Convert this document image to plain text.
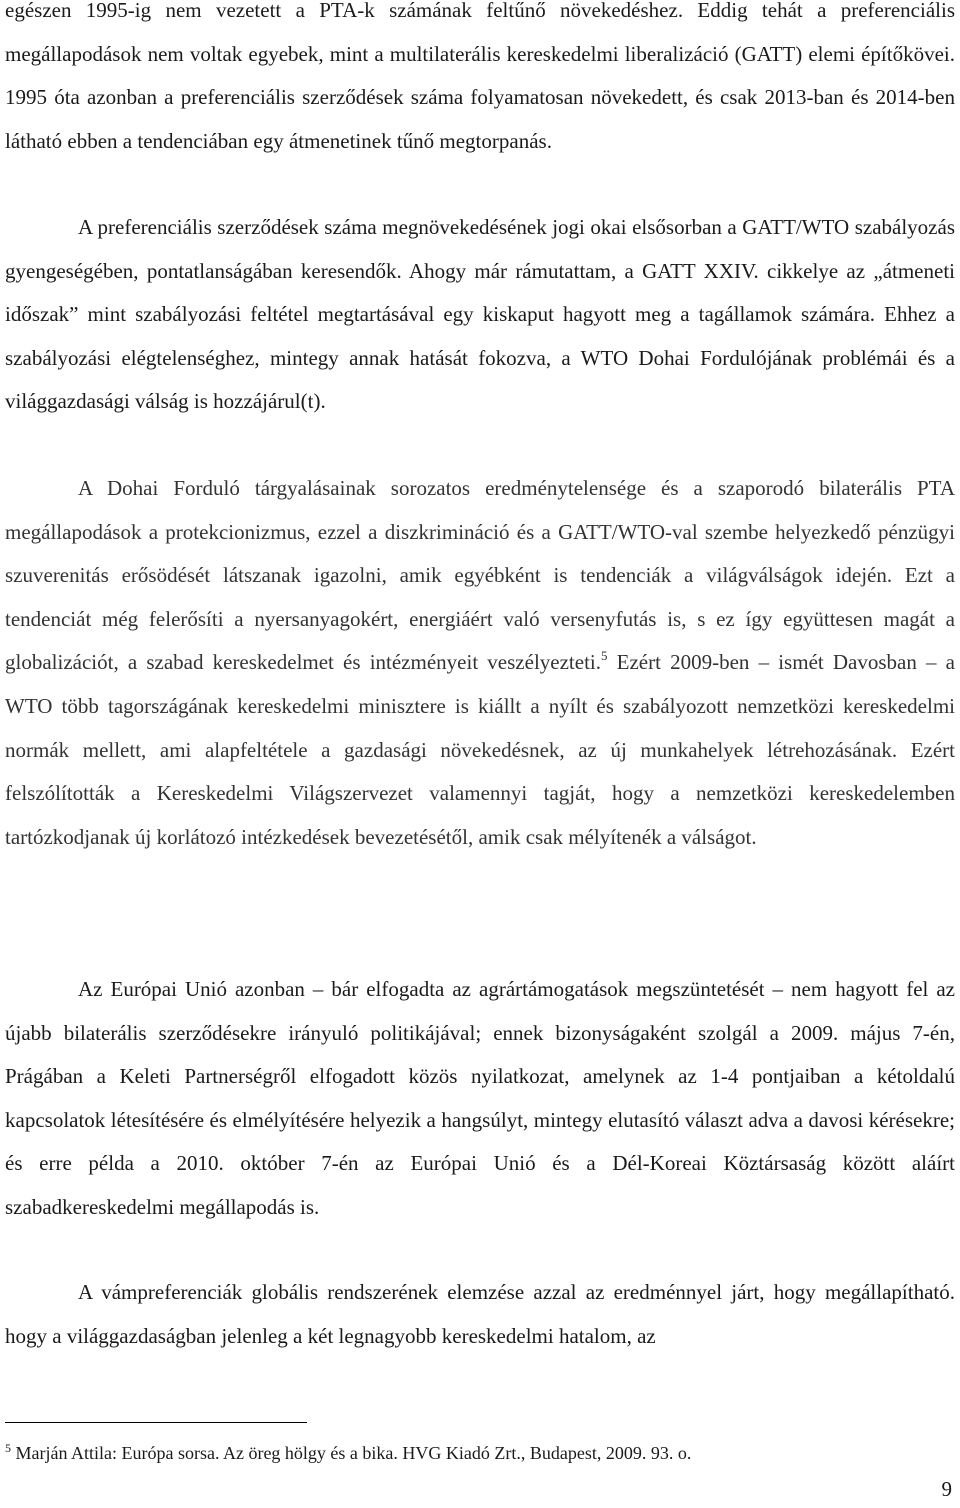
egészen 1995-ig nem vezetett a PTA-k számának feltűnő növekedéshez. Eddig tehát a preferenciális megállapodások nem voltak egyebek, mint a multilaterális kereskedelmi liberalizáció (GATT) elemi építőkövei. 1995 óta azonban a preferenciális szerződések száma folyamatosan növekedett, és csak 2013-ban és 2014-ben látható ebben a tendenciában egy átmenetinek tűnő megtorpanás.

A preferenciális szerződések száma megnövekedésének jogi okai elsősorban a GATT/WTO szabályozás gyengeségében, pontatlanságában keresendők. Ahogy már rámutattam, a GATT XXIV. cikkelye az „átmeneti időszak” mint szabályozási feltétel megtartásával egy kiskaput hagyott meg a tagállamok számára. Ehhez a szabályozási elégtelenséghez, mintegy annak hatását fokozva, a WTO Dohai Fordulójának problémái és a világgazdasági válság is hozzájárul(t).

A Dohai Forduló tárgyalásainak sorozatos eredménytelensége és a szaporodó bilaterális PTA megállapodások a protekcionizmus, ezzel a diszkrimináció és a GATT/WTO-val szembe helyezkedő pénzügyi szuverenitás erősödését látszanak igazolni, amik egyébként is tendenciák a világválságok idején. Ezt a tendenciát még felerősíti a nyersanyagokért, energiáért való versenyfutás is, s ez így együttesen magát a globalizációt, a szabad kereskedelmet és intézményeit veszélyezteti.$^5$ Ezért 2009-ben – ismét Davosban – a WTO több tagországának kereskedelmi minisztere is kiállt a nyílt és szabályozott nemzetközi kereskedelmi normák mellett, ami alapfeltétele a gazdasági növekedésnek, az új munkahelyek létrehozásának. Ezért felszólították a Kereskedelmi Világszervezet valamennyi tagját, hogy a nemzetközi kereskedelemben tartózkodjanak új korlátozó intézkedések bevezetésétől, amik csak mélyítenék a válságot.

Az Európai Unió azonban – bár elfogadta az agrártámogatások megszüntetését – nem hagyott fel az újabb bilaterális szerződésekre irányuló politikájával; ennek bizonyságaként szolgál a 2009. május 7-én, Prágában a Keleti Partnerségről elfogadott közös nyilatkozat, amelynek az 1-4 pontjaiban a kétoldalú kapcsolatok létesítésére és elmélyítésére helyezik a hangsúlyt, mintegy elutasító választ adva a davosi kérésekre; és erre példa a 2010. október 7-én az Európai Unió és a Dél-Koreai Köztársaság között aláírt szabadkereskedelmi megállapodás is.

A vámpreferenciák globális rendszerének elemzése azzal az eredménnyel járt, hogy megállapítható. hogy a világgazdaságban jelenleg a két legnagyobb kereskedelmi hatalom, az

$^5$ Marján Attila: Európa sorsa. Az öreg hölgy és a bika. HVG Kiadó Zrt., Budapest, 2009. 93. o.

9
